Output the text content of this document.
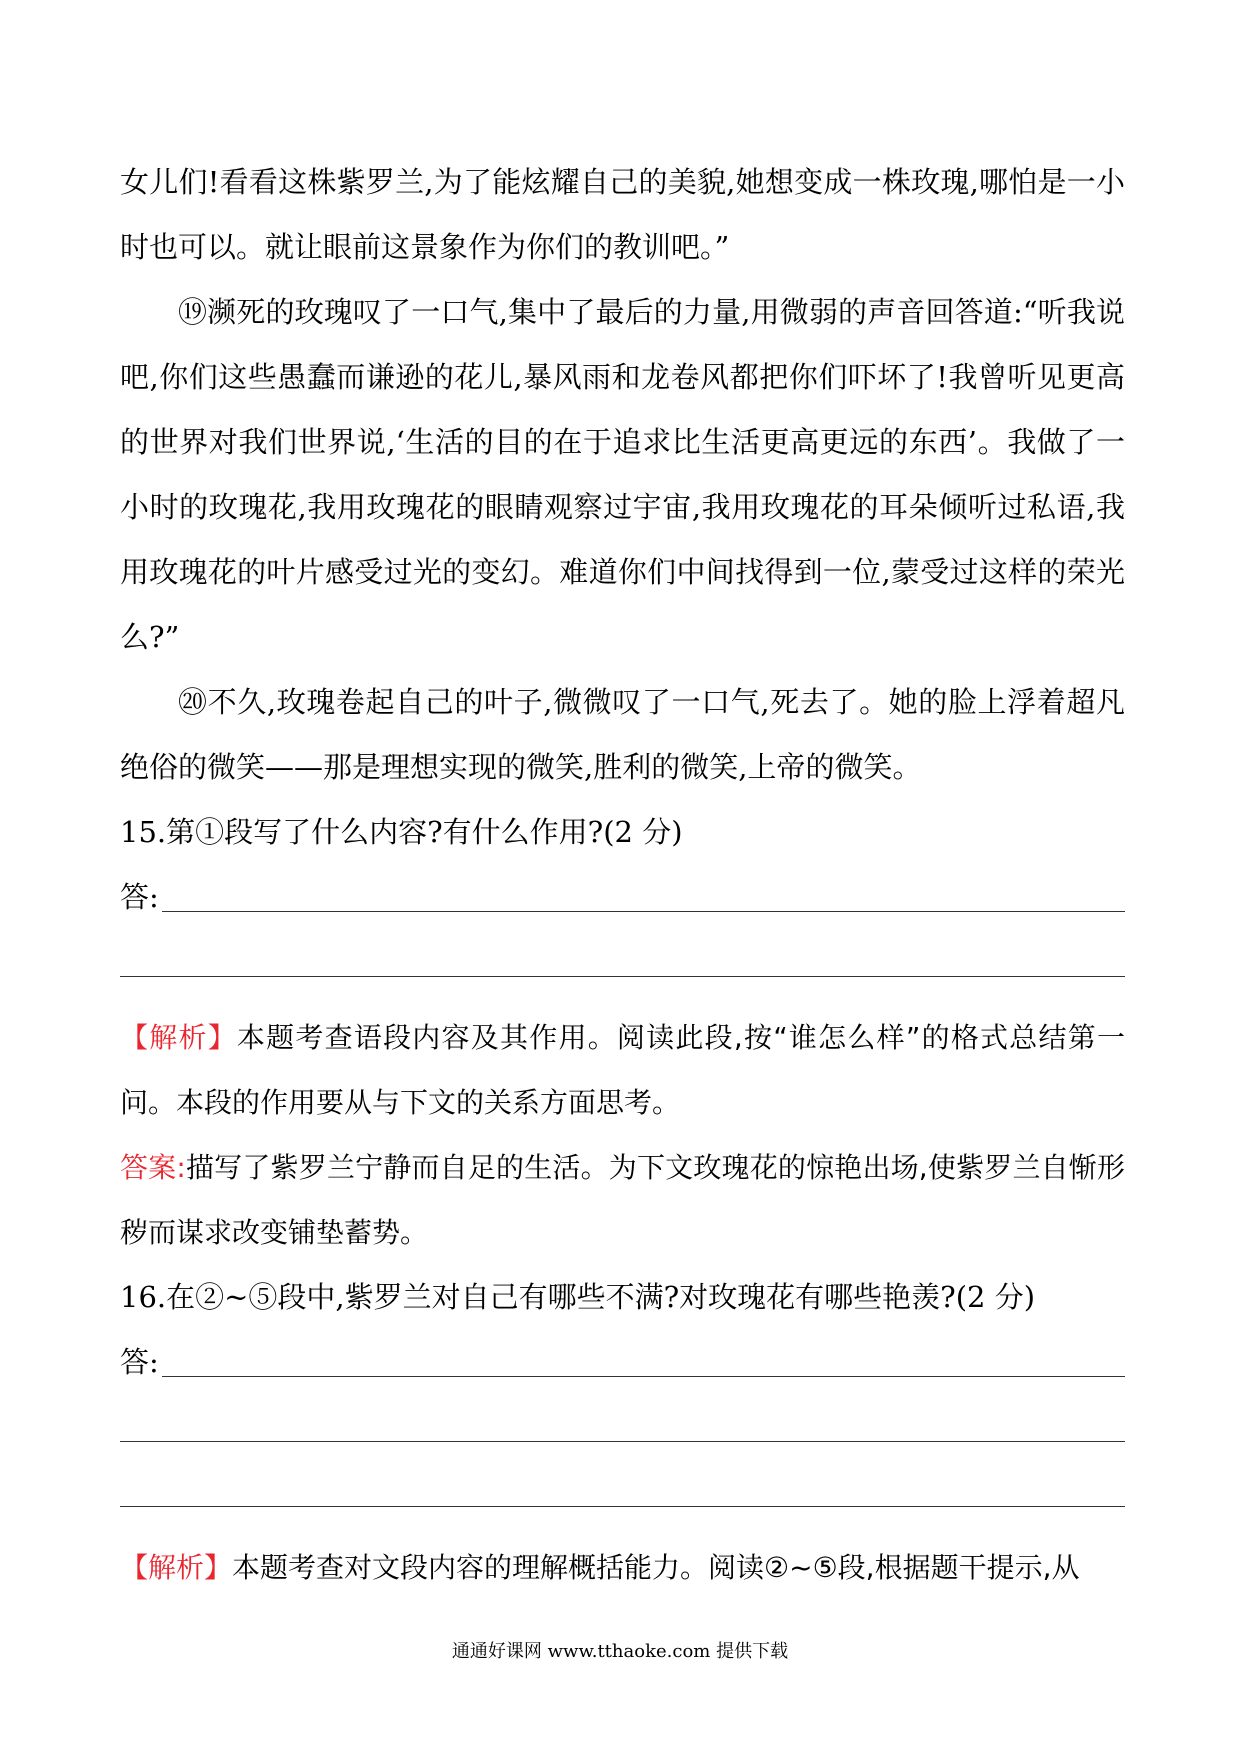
女儿们!看看这株紫罗兰,为了能炫耀自己的美貌,她想变成一株玫瑰,哪怕是一小时也可以。就让眼前这景象作为你们的教训吧。”

⑲濒死的玫瑰叹了一口气,集中了最后的力量,用微弱的声音回答道:“听我说吧,你们这些愚蠢而谦逊的花儿,暴风雨和龙卷风都把你们吓坏了!我曾听见更高的世界对我们世界说,‘生活的目的在于追求比生活更高更远的东西’。我做了一小时的玫瑰花,我用玫瑰花的眼睛观察过宇宙,我用玫瑰花的耳朵倾听过私语,我用玫瑰花的叶片感受过光的变幻。难道你们中间找得到一位,蒙受过这样的荣光么?”

⑳不久,玫瑰卷起自己的叶子,微微叹了一口气,死去了。她的脸上浮着超凡绝俗的微笑——那是理想实现的微笑,胜利的微笑,上帝的微笑。

15.第①段写了什么内容?有什么作用?(2 分)

答:

【解析】本题考查语段内容及其作用。阅读此段,按“谁怎么样”的格式总结第一问。本段的作用要从与下文的关系方面思考。

答案:描写了紫罗兰宁静而自足的生活。为下文玫瑰花的惊艳出场,使紫罗兰自惭形秽而谋求改变铺垫蓄势。

16.在②~⑤段中,紫罗兰对自己有哪些不满?对玫瑰花有哪些艳羡?(2 分)

答:

【解析】本题考查对文段内容的理解概括能力。阅读②~⑤段,根据题干提示,从

通通好课网 www.tthaoke.com 提供下载
